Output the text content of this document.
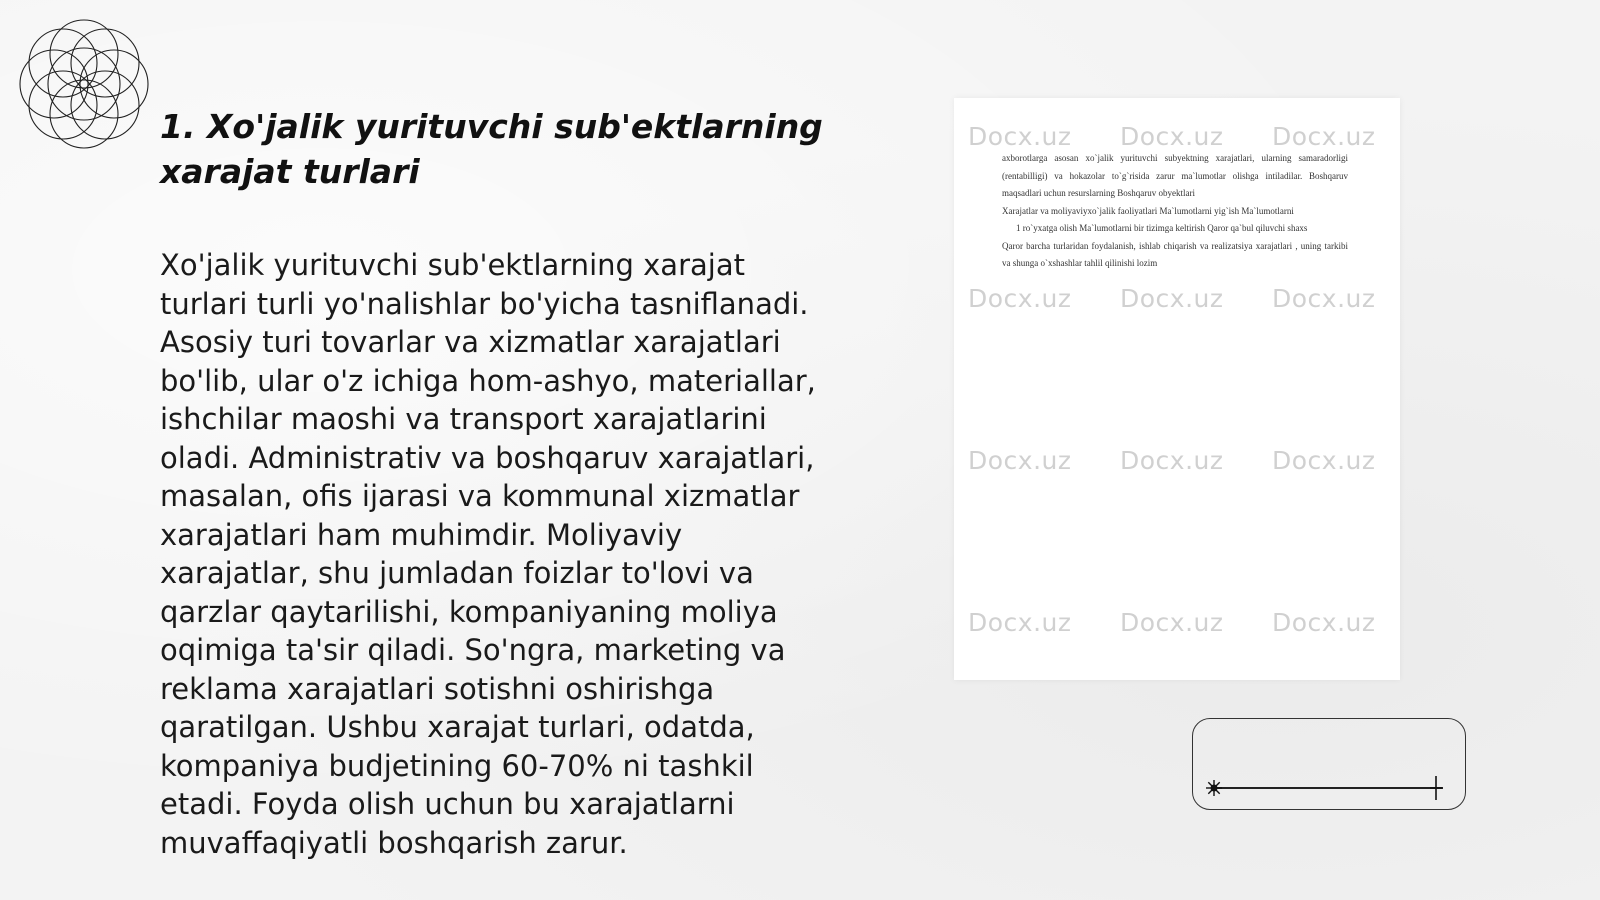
1. Xo'jalik yurituvchi sub'ektlarning xarajat turlari

Xo'jalik yurituvchi sub'ektlarning xarajat turlari turli yo'nalishlar bo'yicha tasniflanadi. Asosiy turi tovarlar va xizmatlar xarajatlari bo'lib, ular o'z ichiga hom-ashyo, materiallar, ishchilar maoshi va transport xarajatlarini oladi. Administrativ va boshqaruv xarajatlari, masalan, ofis ijarasi va kommunal xizmatlar xarajatlari ham muhimdir. Moliyaviy xarajatlar, shu jumladan foizlar to'lovi va qarzlar qaytarilishi, kompaniyaning moliya oqimiga ta'sir qiladi. So'ngra, marketing va reklama xarajatlari sotishni oshirishga qaratilgan. Ushbu xarajat turlari, odatda, kompaniya budjetining 60-70% ni tashkil etadi. Foyda olish uchun bu xarajatlarni muvaffaqiyatli boshqarish zarur.

Docx.uz Docx.uz Docx.uz
Docx.uz Docx.uz Docx.uz
Docx.uz Docx.uz Docx.uz
Docx.uz Docx.uz Docx.uz

axborotlarga asosan xo`jalik yurituvchi subyektning xarajatlari, ularning samaradorligi (rentabilligi) va hokazolar to`g`risida zarur ma`lumotlar olishga intiladilar. Boshqaruv maqsadlari uchun resurslarning Boshqaruv obyektlari

Xarajatlar va moliyaviyxo`jalik faoliyatlari Ma`lumotlarni yig`ish Ma`lumotlarni

1 ro`yxatga olish Ma`lumotlarni bir tizimga keltirish Qaror qa`bul qiluvchi shaxs

Qaror barcha turlaridan foydalanish, ishlab chiqarish va realizatsiya xarajatlari , uning tarkibi va shunga o`xshashlar tahlil qilinishi lozim
